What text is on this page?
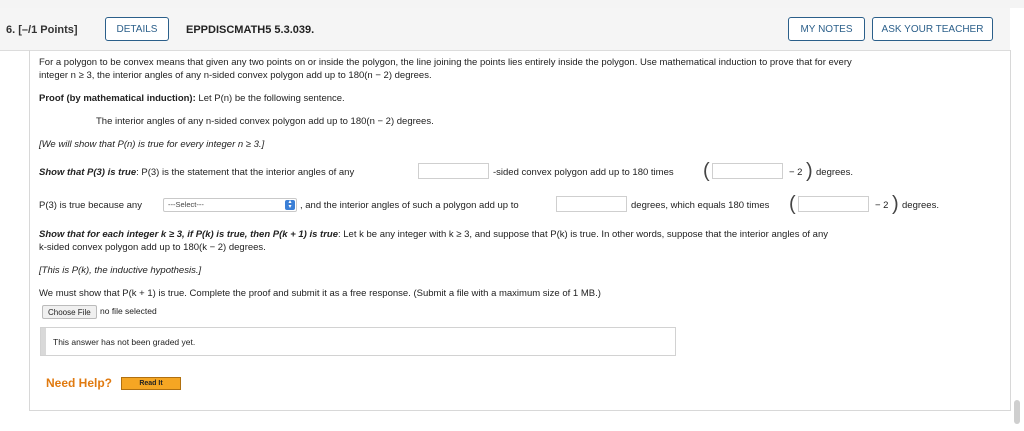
6. [–/1 Points]	DETAILS	EPPDISCMATH5 5.3.039.	MY NOTES	ASK YOUR TEACHER
For a polygon to be convex means that given any two points on or inside the polygon, the line joining the points lies entirely inside the polygon. Use mathematical induction to prove that for every
integer n ≥ 3, the interior angles of any n-sided convex polygon add up to 180(n − 2) degrees.
Proof (by mathematical induction): Let P(n) be the following sentence.
The interior angles of any n-sided convex polygon add up to 180(n − 2) degrees.
[We will show that P(n) is true for every integer n ≥ 3.]
Show that P(3) is true: P(3) is the statement that the interior angles of any	-sided convex polygon add up to 180 times (	− 2 ) degrees.
P(3) is true because any	---Select---	▴
▾ , and the interior angles of such a polygon add up to	degrees, which equals 180 times (	− 2 ) degrees.
Show that for each integer k ≥ 3, if P(k) is true, then P(k + 1) is true: Let k be any integer with k ≥ 3, and suppose that P(k) is true. In other words, suppose that the interior angles of any
k-sided convex polygon add up to 180(k − 2) degrees.
[This is P(k), the inductive hypothesis.]
We must show that P(k + 1) is true. Complete the proof and submit it as a free response. (Submit a file with a maximum size of 1 MB.)
Choose File	no file selected
This answer has not been graded yet.
Need Help?	Read It
